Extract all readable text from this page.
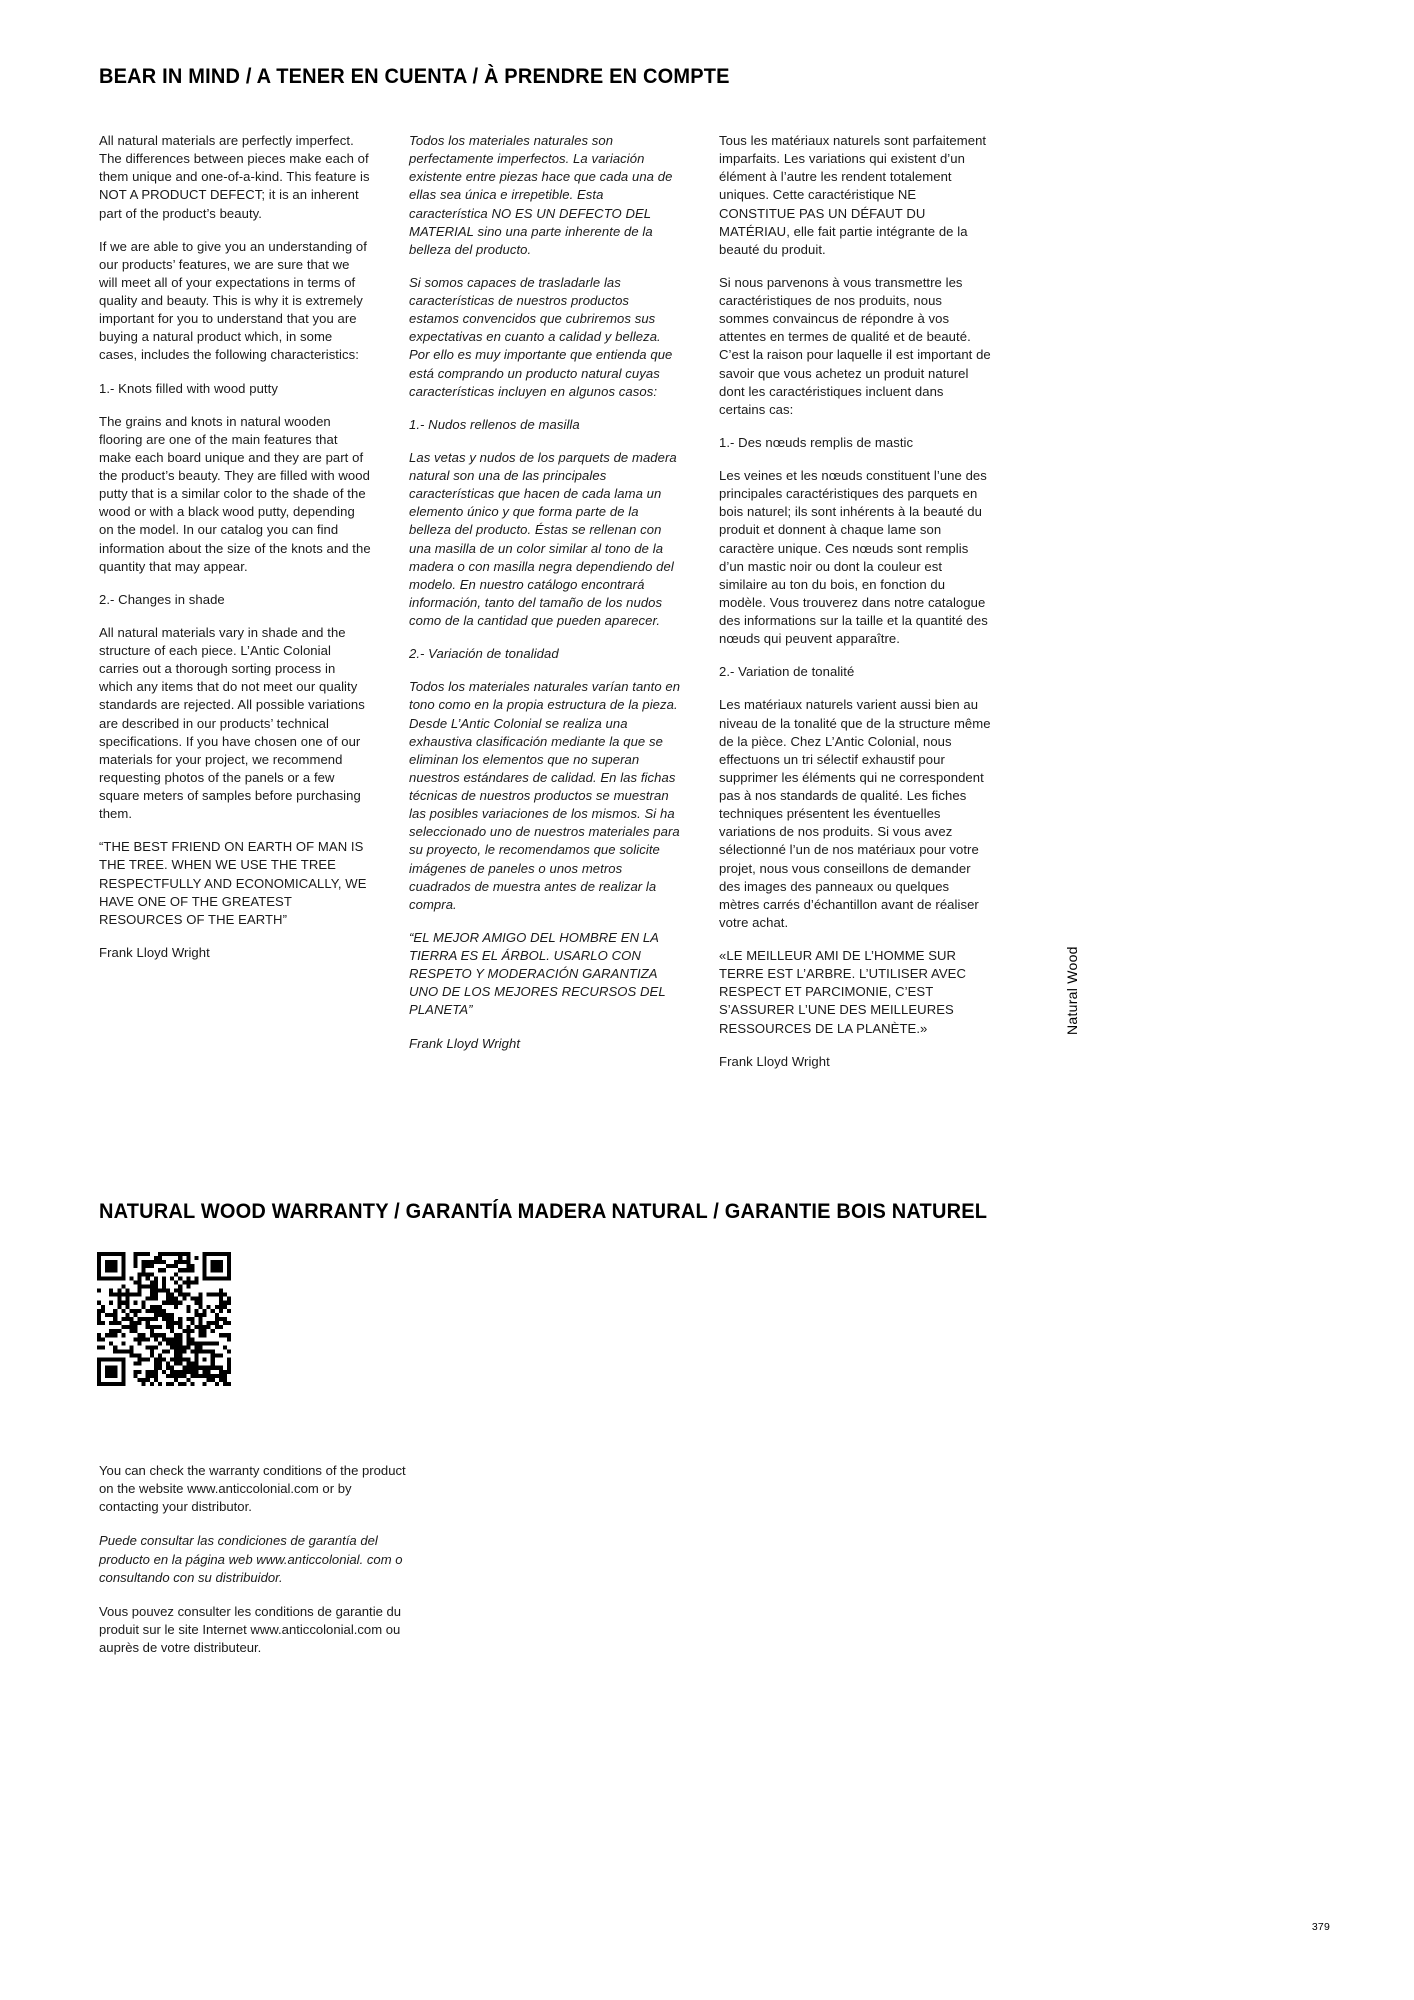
BEAR IN MIND / A TENER EN CUENTA / À PRENDRE EN COMPTE

All natural materials are perfectly imperfect. The differences between pieces make each of them unique and one-of-a-kind. This feature is NOT A PRODUCT DEFECT; it is an inherent part of the product’s beauty.

If we are able to give you an understanding of our products’ features, we are sure that we will meet all of your expectations in terms of quality and beauty. This is why it is extremely important for you to understand that you are buying a natural product which, in some cases, includes the following characteristics:

1.- Knots filled with wood putty

The grains and knots in natural wooden flooring are one of the main features that make each board unique and they are part of the product’s beauty. They are filled with wood putty that is a similar color to the shade of the wood or with a black wood putty, depending on the model. In our catalog you can find information about the size of the knots and the quantity that may appear.

2.- Changes in shade

All natural materials vary in shade and the structure of each piece. L’Antic Colonial carries out a thorough sorting process in which any items that do not meet our quality standards are rejected. All possible variations are described in our products’ technical specifications. If you have chosen one of our materials for your project, we recommend requesting photos of the panels or a few square meters of samples before purchasing them.

“THE BEST FRIEND ON EARTH OF MAN IS THE TREE. WHEN WE USE THE TREE RESPECTFULLY AND ECONOMICALLY, WE HAVE ONE OF THE GREATEST RESOURCES OF THE EARTH”

Frank Lloyd Wright

Todos los materiales naturales son perfectamente imperfectos. La variación existente entre piezas hace que cada una de ellas sea única e irrepetible. Esta característica NO ES UN DEFECTO DEL MATERIAL sino una parte inherente de la belleza del producto.

Si somos capaces de trasladarle las características de nuestros productos estamos convencidos que cubriremos sus expectativas en cuanto a calidad y belleza. Por ello es muy importante que entienda que está comprando un producto natural cuyas características incluyen en algunos casos:

1.- Nudos rellenos de masilla

Las vetas y nudos de los parquets de madera natural son una de las principales características que hacen de cada lama un elemento único y que forma parte de la belleza del producto. Éstas se rellenan con una masilla de un color similar al tono de la madera o con masilla negra dependiendo del modelo. En nuestro catálogo encontrará información, tanto del tamaño de los nudos como de la cantidad que pueden aparecer.

2.- Variación de tonalidad

Todos los materiales naturales varían tanto en tono como en la propia estructura de la pieza. Desde L’Antic Colonial se realiza una exhaustiva clasificación mediante la que se eliminan los elementos que no superan nuestros estándares de calidad. En las fichas técnicas de nuestros productos se muestran las posibles variaciones de los mismos. Si ha seleccionado uno de nuestros materiales para su proyecto, le recomendamos que solicite imágenes de paneles o unos metros cuadrados de muestra antes de realizar la compra.

“EL MEJOR AMIGO DEL HOMBRE EN LA TIERRA ES EL ÁRBOL. USARLO CON RESPETO Y MODERACIÓN GARANTIZA UNO DE LOS MEJORES RECURSOS DEL PLANETA”

Frank Lloyd Wright

Tous les matériaux naturels sont parfaitement imparfaits. Les variations qui existent d’un élément à l’autre les rendent totalement uniques. Cette caractéristique NE CONSTITUE PAS UN DÉFAUT DU MATÉRIAU, elle fait partie intégrante de la beauté du produit.

Si nous parvenons à vous transmettre les caractéristiques de nos produits, nous sommes convaincus de répondre à vos attentes en termes de qualité et de beauté. C’est la raison pour laquelle il est important de savoir que vous achetez un produit naturel dont les caractéristiques incluent dans certains cas:

1.- Des nœuds remplis de mastic

Les veines et les nœuds constituent l’une des principales caractéristiques des parquets en bois naturel; ils sont inhérents à la beauté du produit et donnent à chaque lame son caractère unique. Ces nœuds sont remplis d’un mastic noir ou dont la couleur est similaire au ton du bois, en fonction du modèle. Vous trouverez dans notre catalogue des informations sur la taille et la quantité des nœuds qui peuvent apparaître.

2.- Variation de tonalité

Les matériaux naturels varient aussi bien au niveau de la tonalité que de la structure même de la pièce. Chez L’Antic Colonial, nous effectuons un tri sélectif exhaustif pour supprimer les éléments qui ne correspondent pas à nos standards de qualité. Les fiches techniques présentent les éventuelles variations de nos produits. Si vous avez sélectionné l’un de nos matériaux pour votre projet, nous vous conseillons de demander des images des panneaux ou quelques mètres carrés d’échantillon avant de réaliser votre achat.

«LE MEILLEUR AMI DE L’HOMME SUR TERRE EST L’ARBRE. L’UTILISER AVEC RESPECT ET PARCIMONIE, C’EST S’ASSURER L’UNE DES MEILLEURES RESSOURCES DE LA PLANÈTE.»

Frank Lloyd Wright

Natural Wood
NATURAL WOOD WARRANTY / GARANTÍA MADERA NATURAL / GARANTIE BOIS NATUREL

You can check the warranty conditions of the product on the website www.anticcolonial.com or by contacting your distributor.

Puede consultar las condiciones de garantía del producto en la página web www.anticcolonial. com o consultando con su distribuidor.

Vous pouvez consulter les conditions de garantie du produit sur le site Internet www.anticcolonial.com ou auprès de votre distributeur.

379
